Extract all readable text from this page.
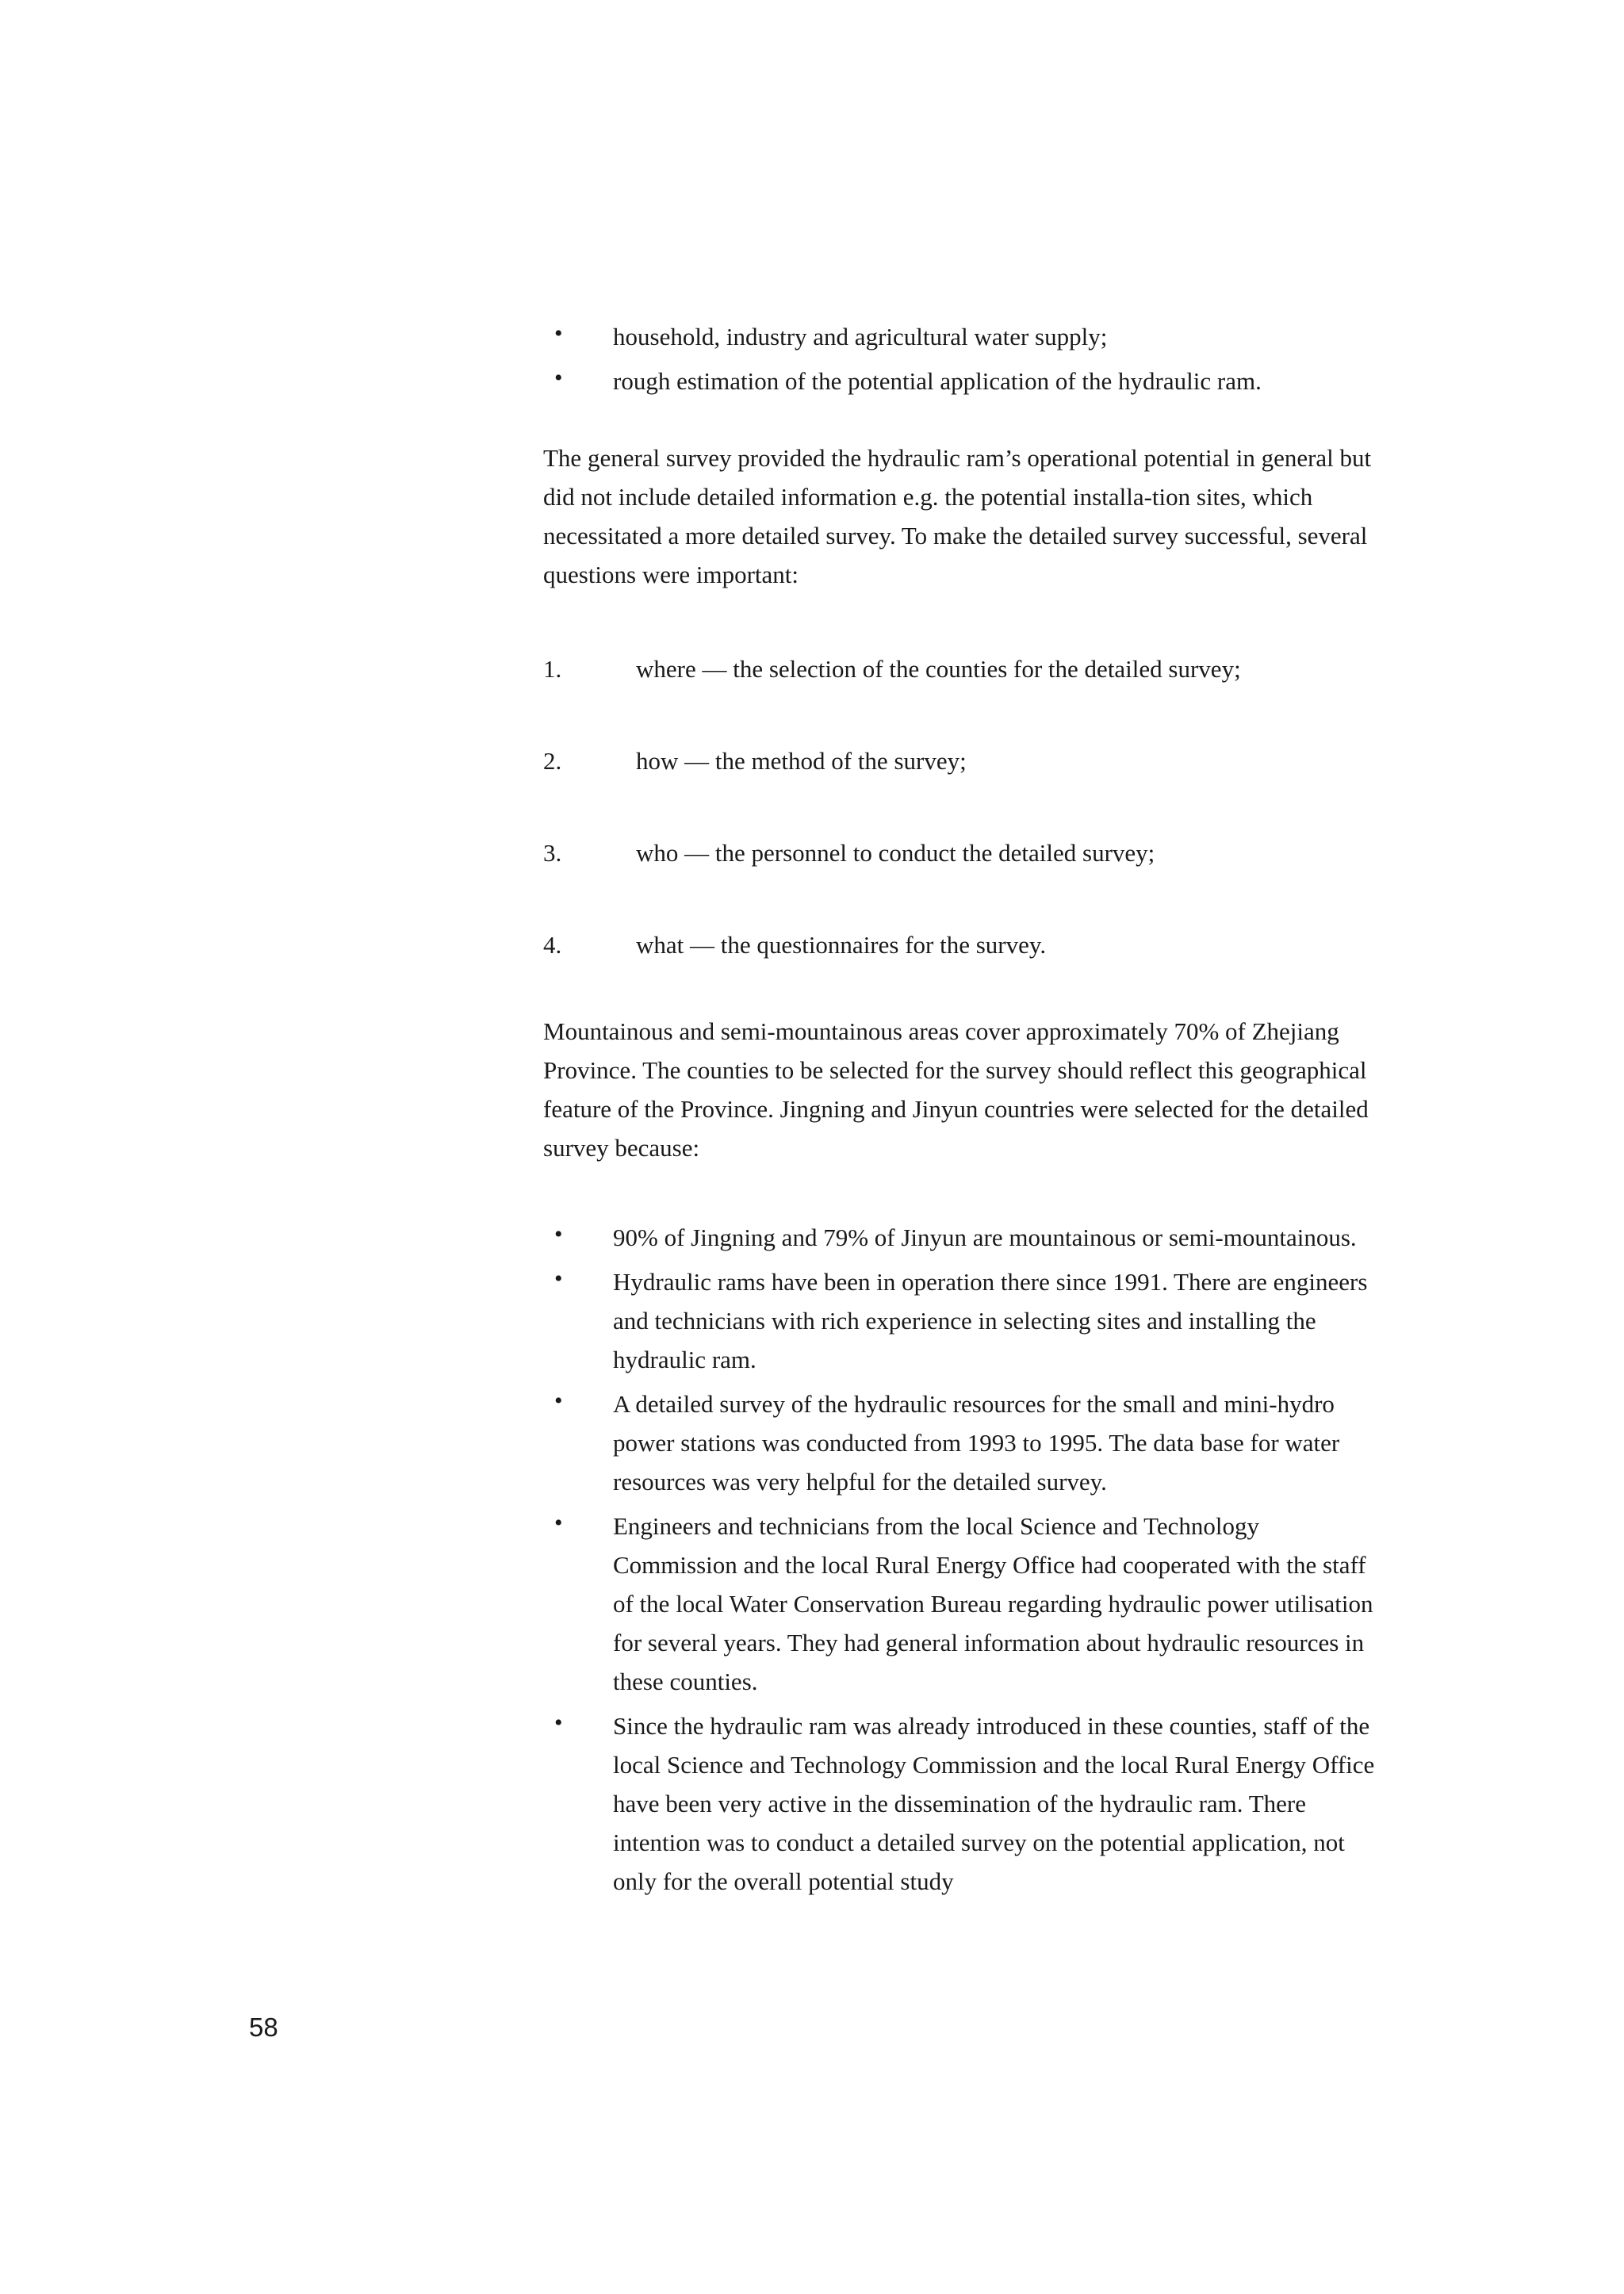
• household, industry and agricultural water supply;
• rough estimation of the potential application of the hydraulic ram.

The general survey provided the hydraulic ram’s operational potential in general but did not include detailed information e.g. the potential installa-tion sites, which necessitated a more detailed survey. To make the detailed survey successful, several questions were important:

1.	where — the selection of the counties for the detailed survey;
2.	how — the method of the survey;
3.	who — the personnel to conduct the detailed survey;
4.	what — the questionnaires for the survey.

Mountainous and semi-mountainous areas cover approximately 70% of Zhejiang Province. The counties to be selected for the survey should reflect this geographical feature of the Province. Jingning and Jinyun countries were selected for the detailed survey because:

• 90% of Jingning and 79% of Jinyun are mountainous or semi-mountainous.
• Hydraulic rams have been in operation there since 1991. There are engineers and technicians with rich experience in selecting sites and installing the hydraulic ram.
• A detailed survey of the hydraulic resources for the small and mini-hydro power stations was conducted from 1993 to 1995. The data base for water resources was very helpful for the detailed survey.
• Engineers and technicians from the local Science and Technology Commission and the local Rural Energy Office had cooperated with the staff of the local Water Conservation Bureau regarding hydraulic power utilisation for several years. They had general information about hydraulic resources in these counties.
• Since the hydraulic ram was already introduced in these counties, staff of the local Science and Technology Commission and the local Rural Energy Office have been very active in the dissemination of the hydraulic ram. There intention was to conduct a detailed survey on the potential application, not only for the overall potential study
58
